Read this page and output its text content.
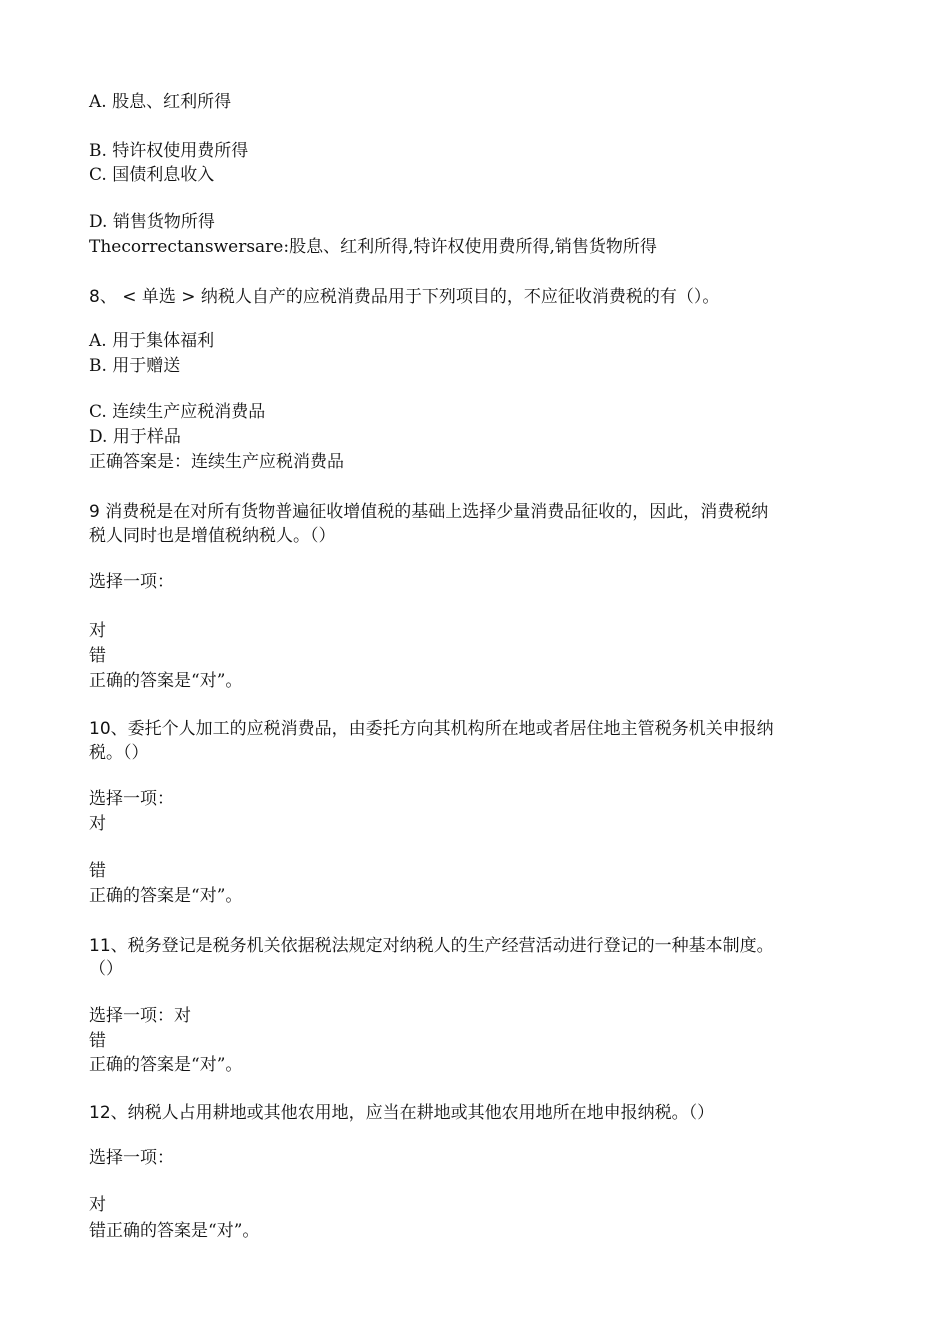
A. 股息、红利所得
B. 特许权使用费所得
C. 国债利息收入
D. 销售货物所得
Thecorrectanswersare:股息、红利所得,特许权使用费所得,销售货物所得
8、 < 单选 > 纳税人自产的应税消费品用于下列项目的，不应征收消费税的有（）。
A. 用于集体福利
B. 用于赠送
C. 连续生产应税消费品
D. 用于样品
正确答案是：连续生产应税消费品
9 消费税是在对所有货物普遍征收增值税的基础上选择少量消费品征收的，因此，消费税纳
税人同时也是增值税纳税人。（）
选择一项：
对
错
正确的答案是“对”。
10、委托个人加工的应税消费品，由委托方向其机构所在地或者居住地主管税务机关申报纳
税。（）
选择一项：
对
错
正确的答案是“对”。
11、税务登记是税务机关依据税法规定对纳税人的生产经营活动进行登记的一种基本制度。
（）
选择一项：对
错
正确的答案是“对”。
12、纳税人占用耕地或其他农用地，应当在耕地或其他农用地所在地申报纳税。（）
选择一项：
对
错正确的答案是“对”。
